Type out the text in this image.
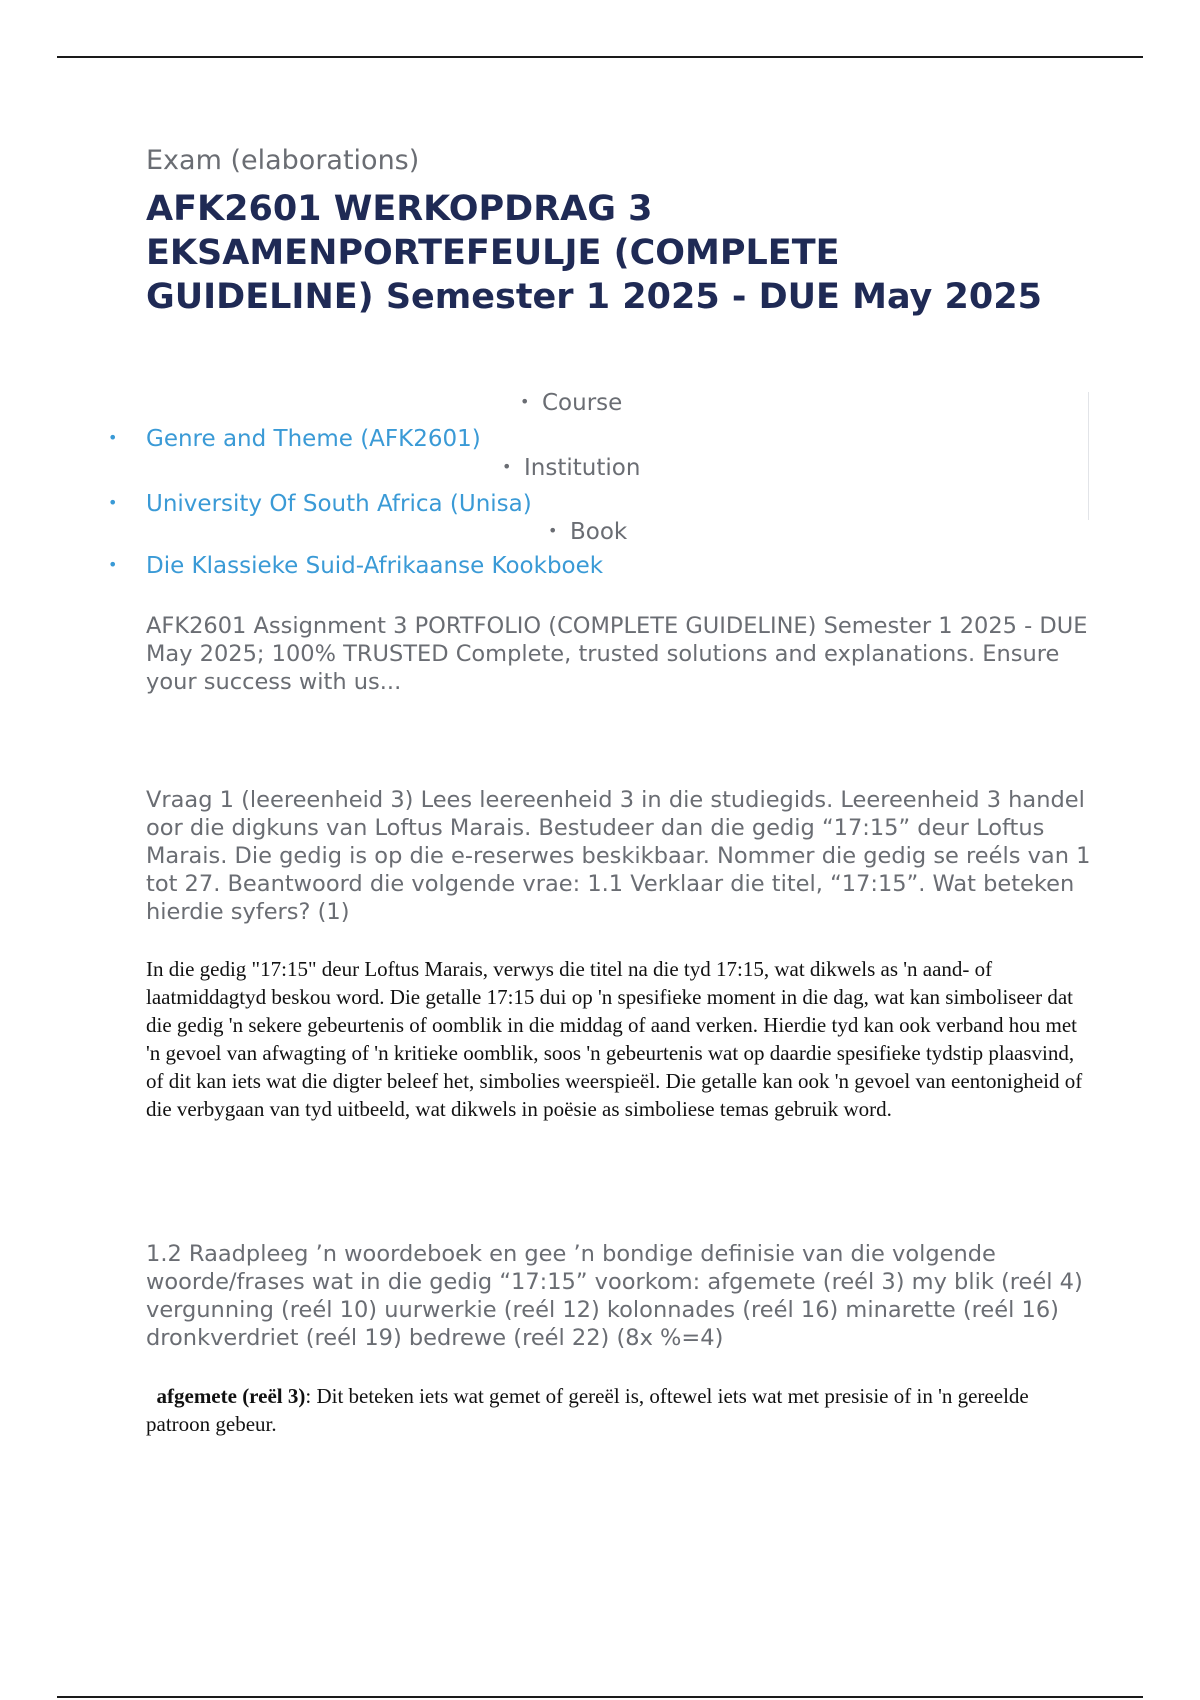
Exam (elaborations)
AFK2601 WERKOPDRAG 3 EKSAMENPORTEFEULJE (COMPLETE GUIDELINE) Semester 1 2025 - DUE May 2025
• Course
• Genre and Theme (AFK2601)
• Institution
• University Of South Africa (Unisa)
• Book
• Die Klassieke Suid-Afrikaanse Kookboek

AFK2601 Assignment 3 PORTFOLIO (COMPLETE GUIDELINE) Semester 1 2025 - DUE May 2025; 100% TRUSTED Complete, trusted solutions and explanations. Ensure your success with us...

Vraag 1 (leereenheid 3) Lees leereenheid 3 in die studiegids. Leereenheid 3 handel oor die digkuns van Loftus Marais. Bestudeer dan die gedig “17:15” deur Loftus Marais. Die gedig is op die e-reserwes beskikbaar. Nommer die gedig se reéls van 1 tot 27. Beantwoord die volgende vrae: 1.1 Verklaar die titel, “17:15”. Wat beteken hierdie syfers? (1)

In die gedig "17:15" deur Loftus Marais, verwys die titel na die tyd 17:15, wat dikwels as 'n aand- of laatmiddagtyd beskou word. Die getalle 17:15 dui op 'n spesifieke moment in die dag, wat kan simboliseer dat die gedig 'n sekere gebeurtenis of oomblik in die middag of aand verken. Hierdie tyd kan ook verband hou met 'n gevoel van afwagting of 'n kritieke oomblik, soos 'n gebeurtenis wat op daardie spesifieke tydstip plaasvind, of dit kan iets wat die digter beleef het, simbolies weerspieël. Die getalle kan ook 'n gevoel van eentonigheid of die verbygaan van tyd uitbeeld, wat dikwels in poësie as simboliese temas gebruik word.

1.2 Raadpleeg ’n woordeboek en gee ’n bondige definisie van die volgende woorde/frases wat in die gedig “17:15” voorkom: afgemete (reél 3) my blik (reél 4) vergunning (reél 10) uurwerkie (reél 12) kolonnades (reél 16) minarette (reél 16) dronkverdriet (reél 19) bedrewe (reél 22) (8x %=4)

afgemete (reël 3): Dit beteken iets wat gemet of gereël is, oftewel iets wat met presisie of in 'n gereelde patroon gebeur.
